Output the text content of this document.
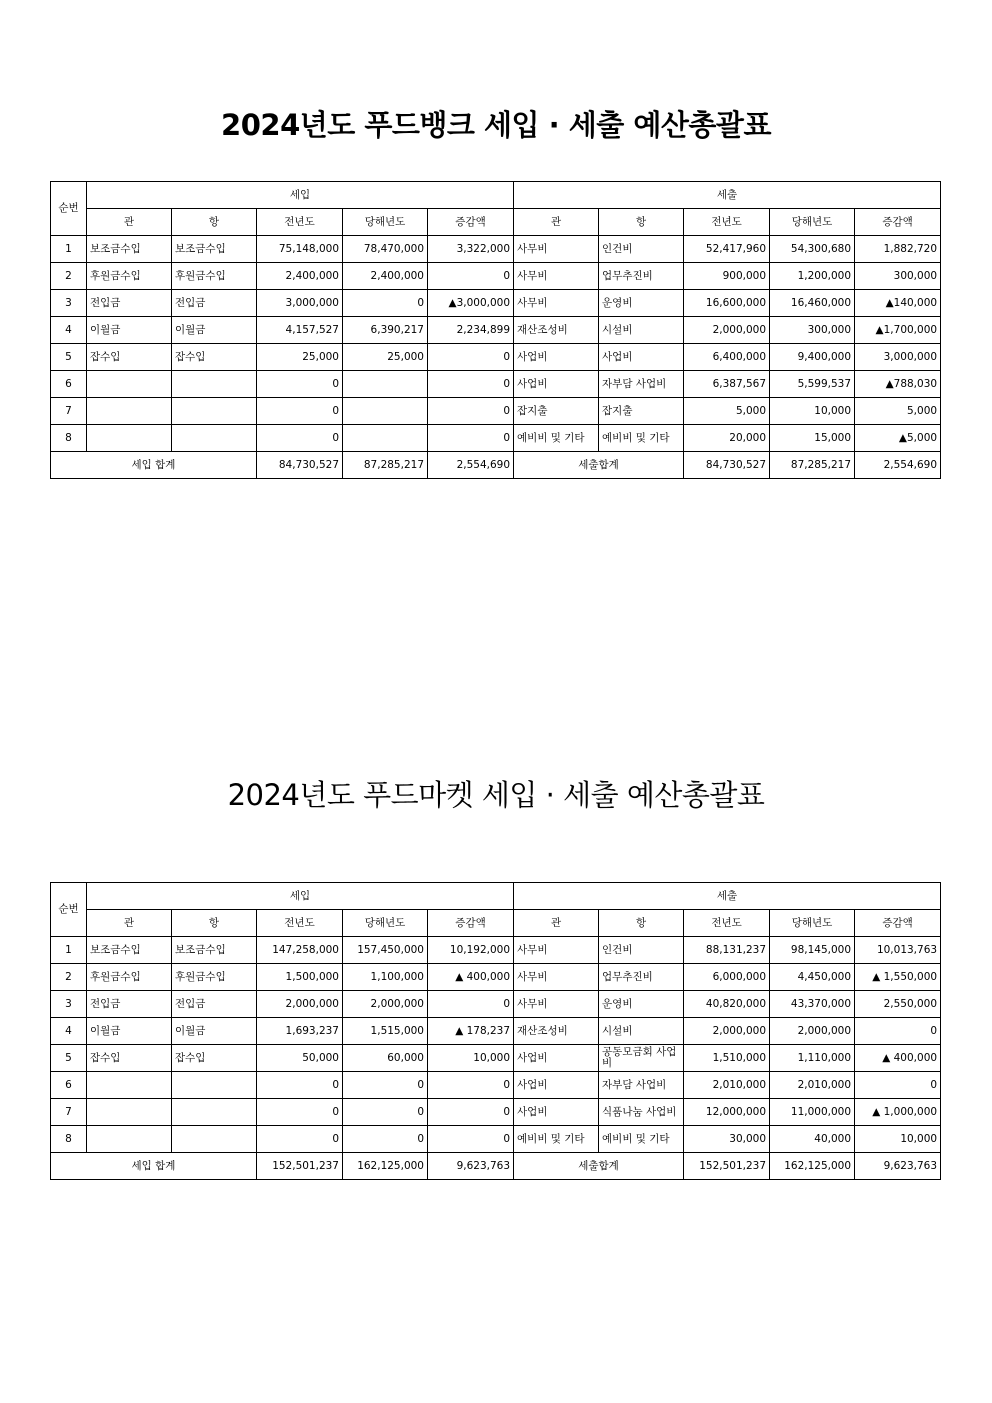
2024년도 푸드뱅크 세입 · 세출 예산총괄표
순번	세입					세출				
	관	항	전년도	당해년도	증감액	관	항	전년도	당해년도	증감액
1	보조금수입	보조금수입	75,148,000	78,470,000	3,322,000	사무비	인건비	52,417,960	54,300,680	1,882,720
2	후원금수입	후원금수입	2,400,000	2,400,000	0	사무비	업무추진비	900,000	1,200,000	300,000
3	전입금	전입금	3,000,000	0	▲3,000,000	사무비	운영비	16,600,000	16,460,000	▲140,000
4	이월금	이월금	4,157,527	6,390,217	2,234,899	재산조성비	시설비	2,000,000	300,000	▲1,700,000
5	잡수입	잡수입	25,000	25,000	0	사업비	사업비	6,400,000	9,400,000	3,000,000
6			0		0	사업비	자부담 사업비	6,387,567	5,599,537	▲788,030
7			0		0	잡지출	잡지출	5,000	10,000	5,000
8			0		0	예비비 및 기타	예비비 및 기타	20,000	15,000	▲5,000
세입 합계			84,730,527	87,285,217	2,554,690	세출합계		84,730,527	87,285,217	2,554,690
2024년도 푸드마켓 세입 · 세출 예산총괄표
순번	세입					세출				
	관	항	전년도	당해년도	증감액	관	항	전년도	당해년도	증감액
1	보조금수입	보조금수입	147,258,000	157,450,000	10,192,000	사무비	인건비	88,131,237	98,145,000	10,013,763
2	후원금수입	후원금수입	1,500,000	1,100,000	▲ 400,000	사무비	업무추진비	6,000,000	4,450,000	▲ 1,550,000
3	전입금	전입금	2,000,000	2,000,000	0	사무비	운영비	40,820,000	43,370,000	2,550,000
4	이월금	이월금	1,693,237	1,515,000	▲ 178,237	재산조성비	시설비	2,000,000	2,000,000	0
5	잡수입	잡수입	50,000	60,000	10,000	사업비	공동모금회 사업비	1,510,000	1,110,000	▲ 400,000
6			0	0	0	사업비	자부담 사업비	2,010,000	2,010,000	0
7			0	0	0	사업비	식품나눔 사업비	12,000,000	11,000,000	▲ 1,000,000
8			0	0	0	예비비 및 기타	예비비 및 기타	30,000	40,000	10,000
세입 합계			152,501,237	162,125,000	9,623,763	세출합계		152,501,237	162,125,000	9,623,763
